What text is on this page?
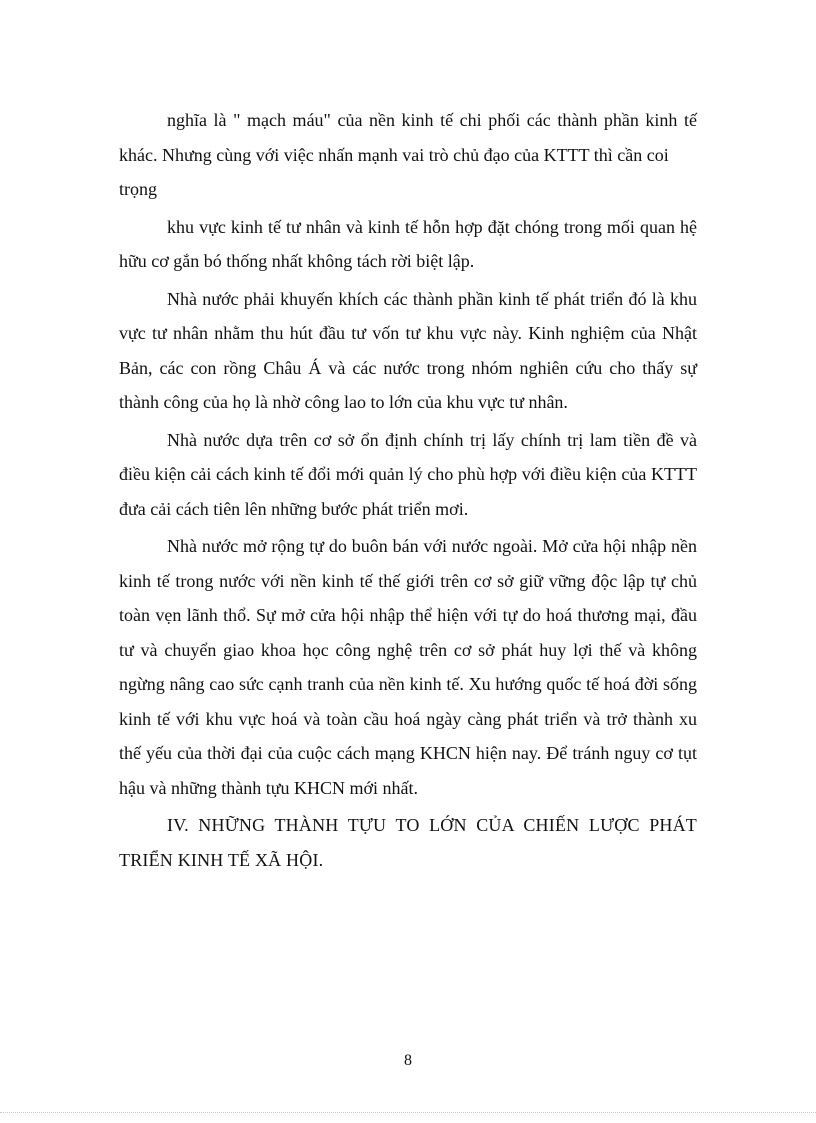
nghĩa là " mạch máu" của nền kinh tế chi phối các thành phần kinh tế khác. Nhưng cùng với việc nhấn mạnh vai trò chủ đạo của KTTT thì cần coi

trọng

khu vực kinh tế tư nhân và kinh tế hỗn hợp đặt chóng trong mối quan hệ hữu cơ gắn bó thống nhất không tách rời biệt lập.

Nhà nước phải khuyến khích các thành phần kinh tế phát triển đó là khu vực tư nhân nhằm thu hút đầu tư vốn tư khu vực này. Kinh nghiệm của Nhật Bản, các con rồng Châu Á và các nước trong nhóm nghiên cứu cho thấy sự thành công của họ là nhờ công lao to lớn của khu vực tư nhân.

Nhà nước dựa trên cơ sở ổn định chính trị lấy chính trị lam tiền đề và điều kiện cải cách kinh tế đổi mới quản lý cho phù hợp với điều kiện của KTTT đưa cải cách tiên lên những bước phát triển mơi.

Nhà nước mở rộng tự do buôn bán với nước ngoài. Mở cửa hội nhập nền kinh tế trong nước với nền kinh tế thế giới trên cơ sở giữ vững độc lập tự chủ toàn vẹn lãnh thổ. Sự mở cửa hội nhập thể hiện với tự do hoá thương mại, đầu tư và chuyển giao khoa học công nghệ trên cơ sở phát huy lợi thế và không ngừng nâng cao sức cạnh tranh của nền kinh tế. Xu hướng quốc tế hoá đời sống kinh tế với khu vực hoá và toàn cầu hoá ngày càng phát triển và trở thành xu thế yếu của thời đại của cuộc cách mạng KHCN hiện nay. Để tránh nguy cơ tụt hậu và những thành tựu KHCN mới nhất.

IV. NHỮNG THÀNH TỰU TO LỚN CỦA CHIẾN LƯỢC PHÁT TRIỂN KINH TẾ XÃ HỘI.

8
